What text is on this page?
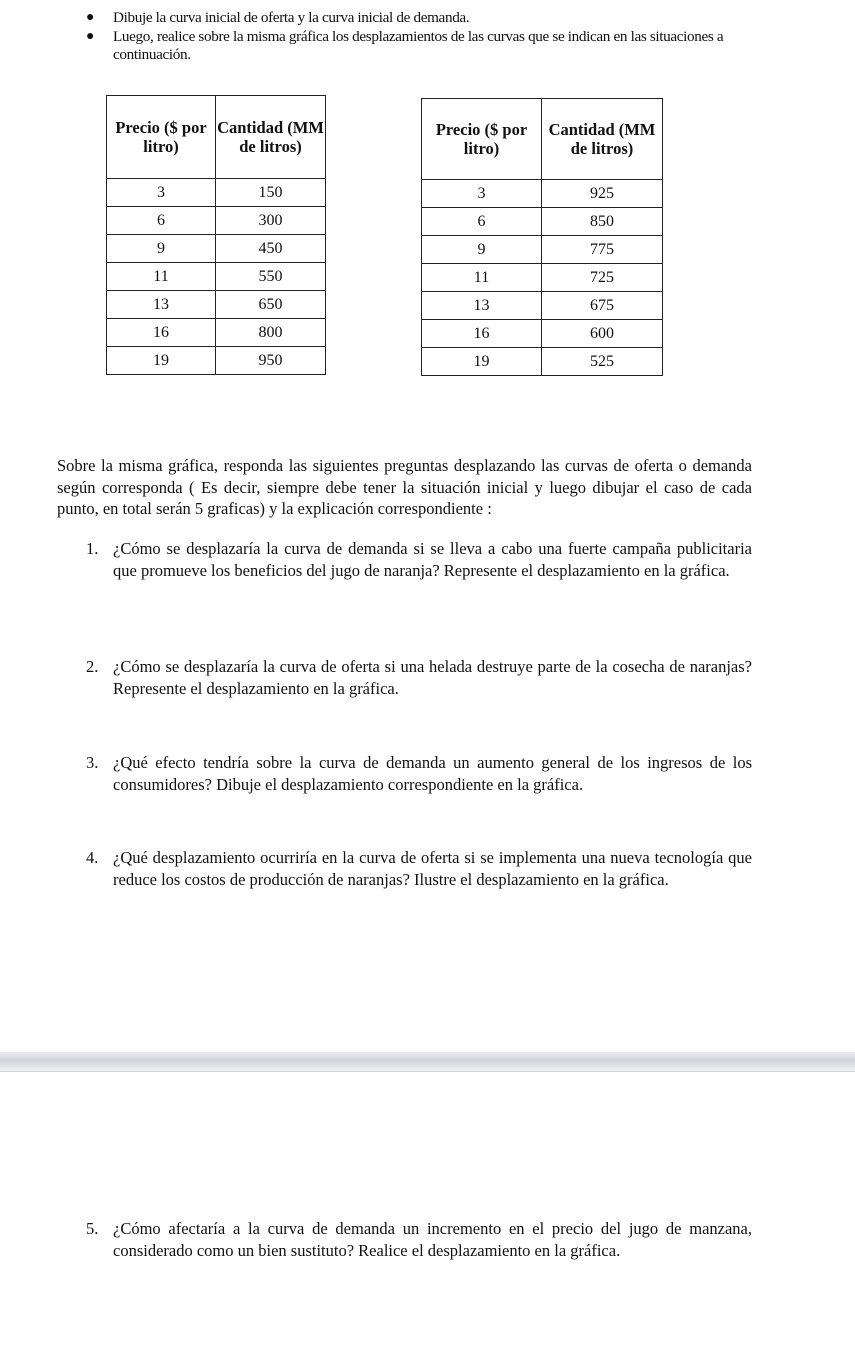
● Dibuje la curva inicial de oferta y la curva inicial de demanda.
● Luego, realice sobre la misma gráfica los desplazamientos de las curvas que se indican en las situaciones a continuación.
Precio ($ por litro)	Cantidad (MM de litros)
3	150
6	300
9	450
11	550
13	650
16	800
19	950
Precio ($ por litro)	Cantidad (MM de litros)
3	925
6	850
9	775
11	725
13	675
16	600
19	525

Sobre la misma gráfica, responda las siguientes preguntas desplazando las curvas de oferta o demanda según corresponda ( Es decir, siempre debe tener la situación inicial y luego dibujar el caso de cada punto, en total serán 5 graficas) y la explicación correspondiente :

1. ¿Cómo se desplazaría la curva de demanda si se lleva a cabo una fuerte campaña publicitaria que promueve los beneficios del jugo de naranja? Represente el desplazamiento en la gráfica.
2. ¿Cómo se desplazaría la curva de oferta si una helada destruye parte de la cosecha de naranjas? Represente el desplazamiento en la gráfica.
3. ¿Qué efecto tendría sobre la curva de demanda un aumento general de los ingresos de los consumidores? Dibuje el desplazamiento correspondiente en la gráfica.
4. ¿Qué desplazamiento ocurriría en la curva de oferta si se implementa una nueva tecnología que reduce los costos de producción de naranjas? Ilustre el desplazamiento en la gráfica.
5. ¿Cómo afectaría a la curva de demanda un incremento en el precio del jugo de manzana, considerado como un bien sustituto? Realice el desplazamiento en la gráfica.
